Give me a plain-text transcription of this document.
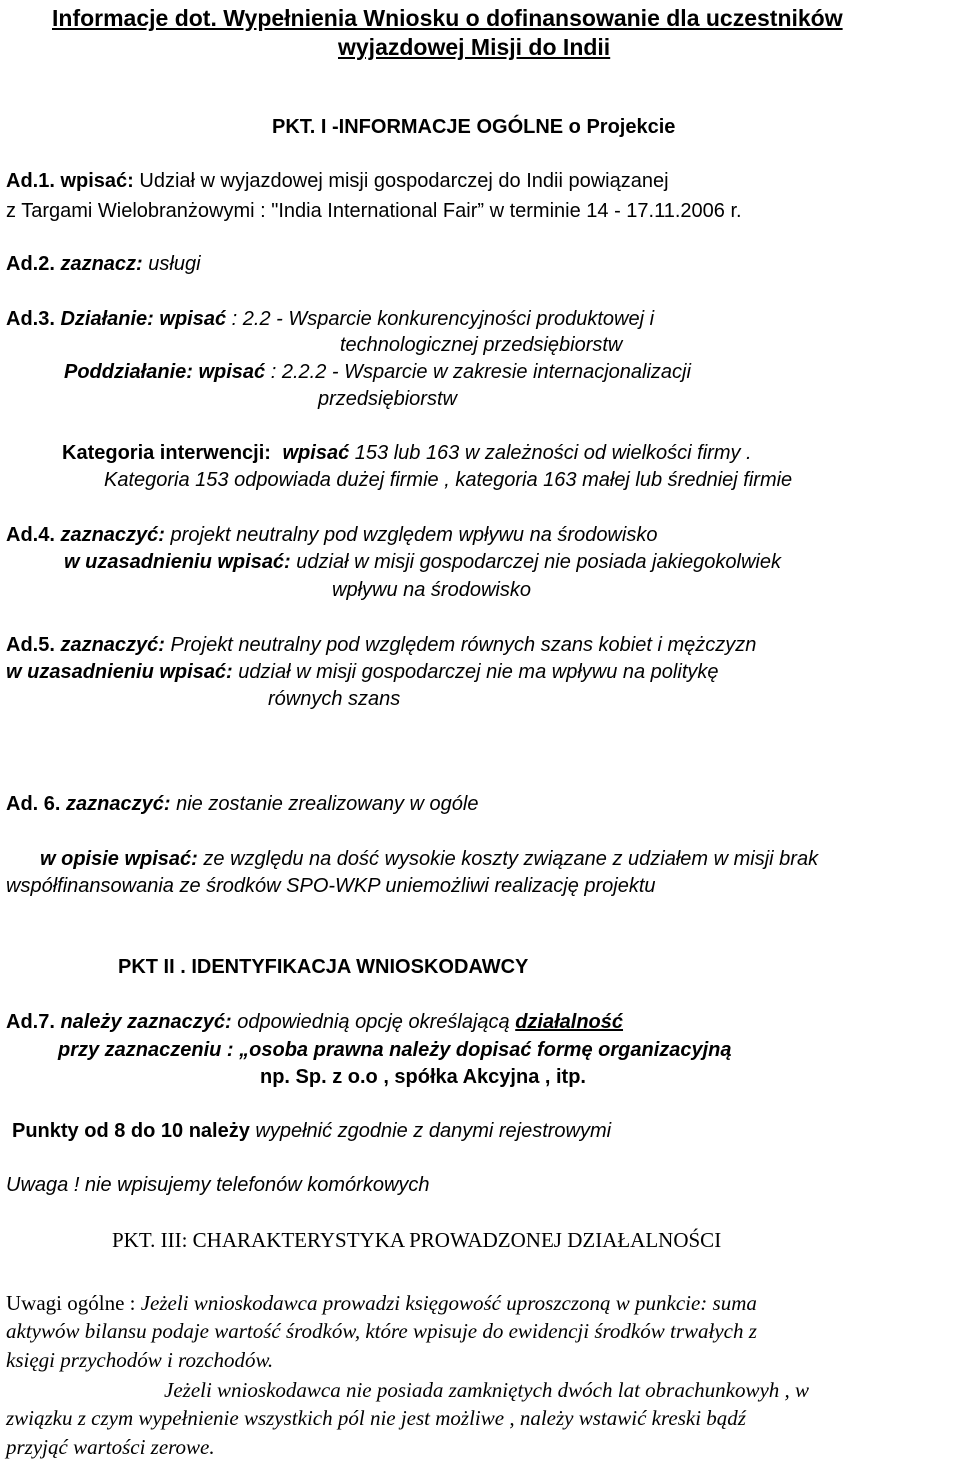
Informacje dot. Wypełnienia Wniosku o dofinansowanie dla uczestników
wyjazdowej Misji do Indii
PKT. I -INFORMACJE OGÓLNE o Projekcie
Ad.1. wpisać: Udział w wyjazdowej misji gospodarczej do Indii powiązanej
z Targami Wielobranżowymi : "India International Fair” w terminie 14 - 17.11.2006 r.
Ad.2. zaznacz: usługi
Ad.3. Działanie: wpisać : 2.2 - Wsparcie konkurencyjności produktowej i
technologicznej przedsiębiorstw
Poddziałanie: wpisać : 2.2.2 - Wsparcie w zakresie internacjonalizacji
przedsiębiorstw
Kategoria interwencji: wpisać 153 lub 163 w zależności od wielkości firmy .
Kategoria 153 odpowiada dużej firmie , kategoria 163 małej lub średniej firmie
Ad.4. zaznaczyć: projekt neutralny pod względem wpływu na środowisko
w uzasadnieniu wpisać: udział w misji gospodarczej nie posiada jakiegokolwiek
wpływu na środowisko
Ad.5. zaznaczyć: Projekt neutralny pod względem równych szans kobiet i mężczyzn
w uzasadnieniu wpisać: udział w misji gospodarczej nie ma wpływu na politykę
równych szans
Ad. 6. zaznaczyć: nie zostanie zrealizowany w ogóle
w opisie wpisać: ze względu na dość wysokie koszty związane z udziałem w misji brak
współfinansowania ze środków SPO-WKP uniemożliwi realizację projektu
PKT II . IDENTYFIKACJA WNIOSKODAWCY
Ad.7. należy zaznaczyć: odpowiednią opcję określającą działalność
przy zaznaczeniu : „osoba prawna należy dopisać formę organizacyjną
np. Sp. z o.o , spółka Akcyjna , itp.
Punkty od 8 do 10 należy wypełnić zgodnie z danymi rejestrowymi
Uwaga ! nie wpisujemy telefonów komórkowych
PKT. III: CHARAKTERYSTYKA PROWADZONEJ DZIAŁALNOŚCI
Uwagi ogólne : Jeżeli wnioskodawca prowadzi księgowość uproszczoną w punkcie: suma
aktywów bilansu podaje wartość środków, które wpisuje do ewidencji środków trwałych z
księgi przychodów i rozchodów.
Jeżeli wnioskodawca nie posiada zamkniętych dwóch lat obrachunkowyh , w
związku z czym wypełnienie wszystkich pól nie jest możliwe , należy wstawić kreski bądź
przyjąć wartości zerowe.
